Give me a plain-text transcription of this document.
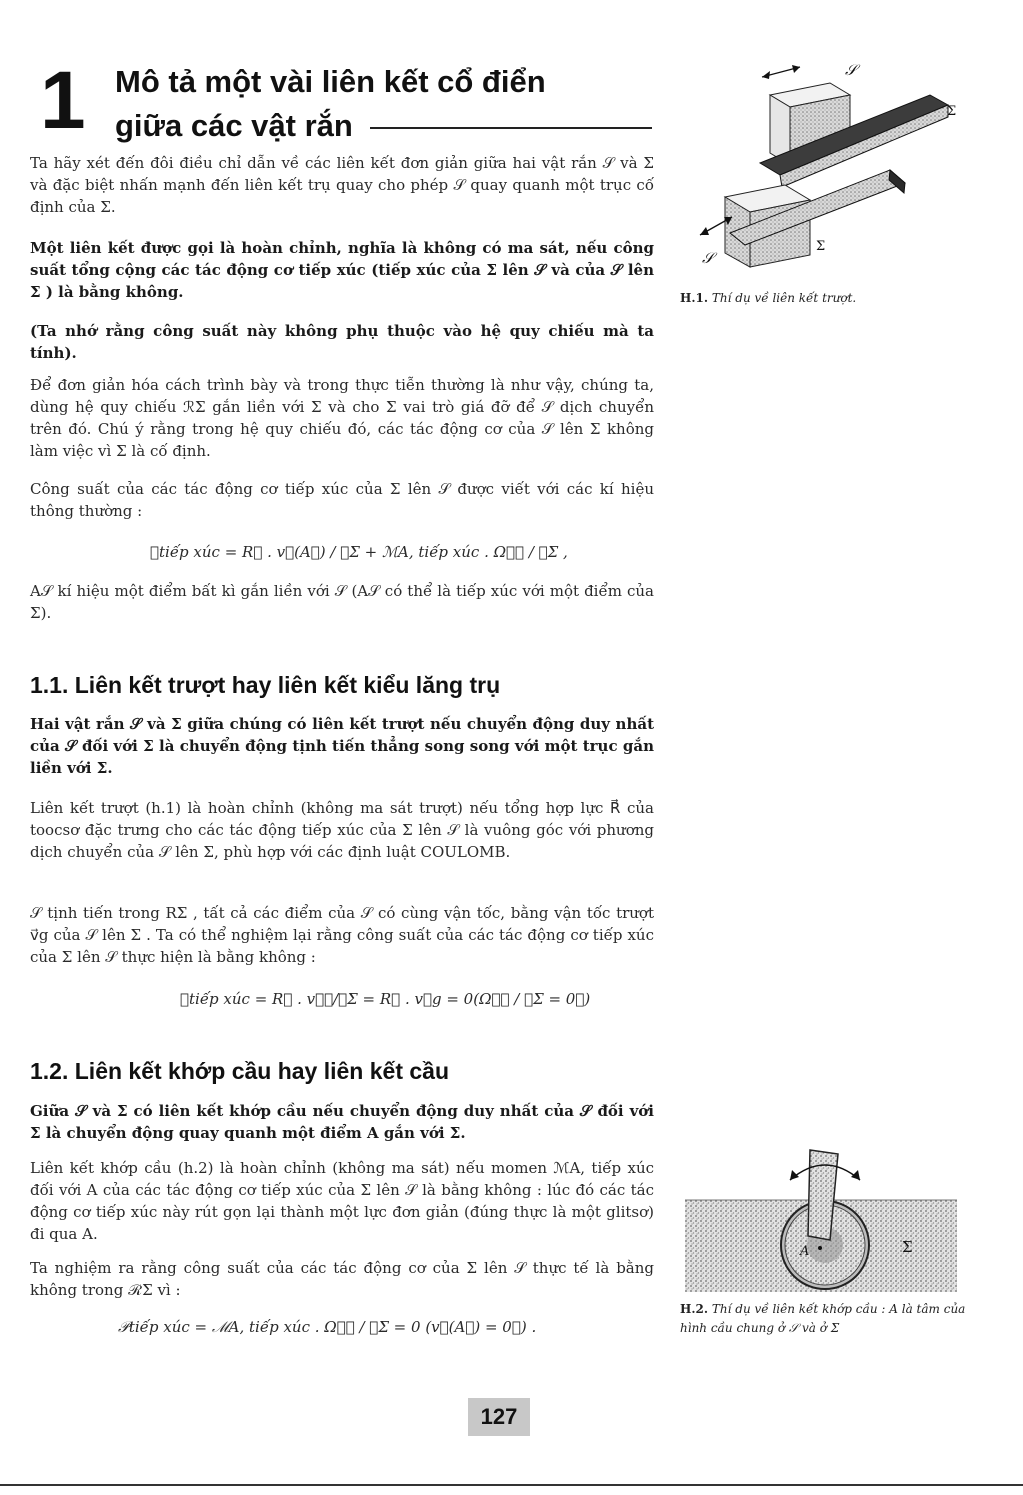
1 Mô tả một vài liên kết cổ điển
giữa các vật rắn

Ta hãy xét đến đôi điều chỉ dẫn về các liên kết đơn giản giữa hai vật rắn 𝒮 và Σ và đặc biệt nhấn mạnh đến liên kết trụ quay cho phép 𝒮 quay quanh một trục cố định của Σ.

Một liên kết được gọi là hoàn chỉnh, nghĩa là không có ma sát, nếu công suất tổng cộng các tác động cơ tiếp xúc (tiếp xúc của Σ lên 𝒮 và của 𝒮 lên Σ ) là bằng không.

(Ta nhớ rằng công suất này không phụ thuộc vào hệ quy chiếu mà ta tính).

Để đơn giản hóa cách trình bày và trong thực tiễn thường là như vậy, chúng ta, dùng hệ quy chiếu ℛΣ gắn liền với Σ và cho Σ vai trò giá đỡ để 𝒮 dịch chuyển trên đó. Chú ý rằng trong hệ quy chiếu đó, các tác động cơ của 𝒮 lên Σ không làm việc vì Σ là cố định.

Công suất của các tác động cơ tiếp xúc của Σ lên 𝒮 được viết với các kí hiệu thông thường :

𝒫tiếp xúc = R⃗ . v⃗(A𝒮) / ℛΣ + ℳA, tiếp xúc . Ω⃗𝒮 / ℛΣ ,

A𝒮 kí hiệu một điểm bất kì gắn liền với 𝒮 (A𝒮 có thể là tiếp xúc với một điểm của Σ).

1.1. Liên kết trượt hay liên kết kiểu lăng trụ

Hai vật rắn 𝒮 và Σ giữa chúng có liên kết trượt nếu chuyển động duy nhất của 𝒮 đối với Σ là chuyển động tịnh tiến thẳng song song với một trục gắn liền với Σ.

Liên kết trượt (h.1) là hoàn chỉnh (không ma sát trượt) nếu tổng hợp lực R⃗ của toocsơ đặc trưng cho các tác động tiếp xúc của Σ lên 𝒮 là vuông góc với phương dịch chuyển của 𝒮 lên Σ, phù hợp với các định luật COULOMB.

𝒮 tịnh tiến trong RΣ , tất cả các điểm của 𝒮 có cùng vận tốc, bằng vận tốc trượt v⃗g của 𝒮 lên Σ . Ta có thể nghiệm lại rằng công suất của các tác động cơ tiếp xúc của Σ lên 𝒮 thực hiện là bằng không :

𝒫tiếp xúc = R⃗ . v⃗𝒮/ℛΣ = R⃗ . v⃗g = 0(Ω⃗𝒮 / ℛΣ = 0⃗)
1.2. Liên kết khớp cầu hay liên kết cầu

Giữa 𝒮 và Σ có liên kết khớp cầu nếu chuyển động duy nhất của 𝒮 đối với Σ là chuyển động quay quanh một điểm A gắn với Σ.

Liên kết khớp cầu (h.2) là hoàn chỉnh (không ma sát) nếu momen ℳA, tiếp xúc đối với A của các tác động cơ tiếp xúc của Σ lên 𝒮 là bằng không : lúc đó các tác động cơ tiếp xúc này rút gọn lại thành một lực đơn giản (đúng thực là một glitsơ) đi qua A.

Ta nghiệm ra rằng công suất của các tác động cơ của Σ lên 𝒮 thực tế là bằng không trong ℛΣ vì :

𝒫tiếp xúc = ℳA, tiếp xúc . Ω⃗𝒮 / ℛΣ = 0 (v⃗(A𝒮) = 0⃗) .
𝒮
Σ
𝒮
Σ
H.1. Thí dụ về liên kết trượt.
A	Σ
H.2. Thí dụ về liên kết khớp cầu : A là tâm của hình cầu chung ở 𝒮 và ở Σ
127
